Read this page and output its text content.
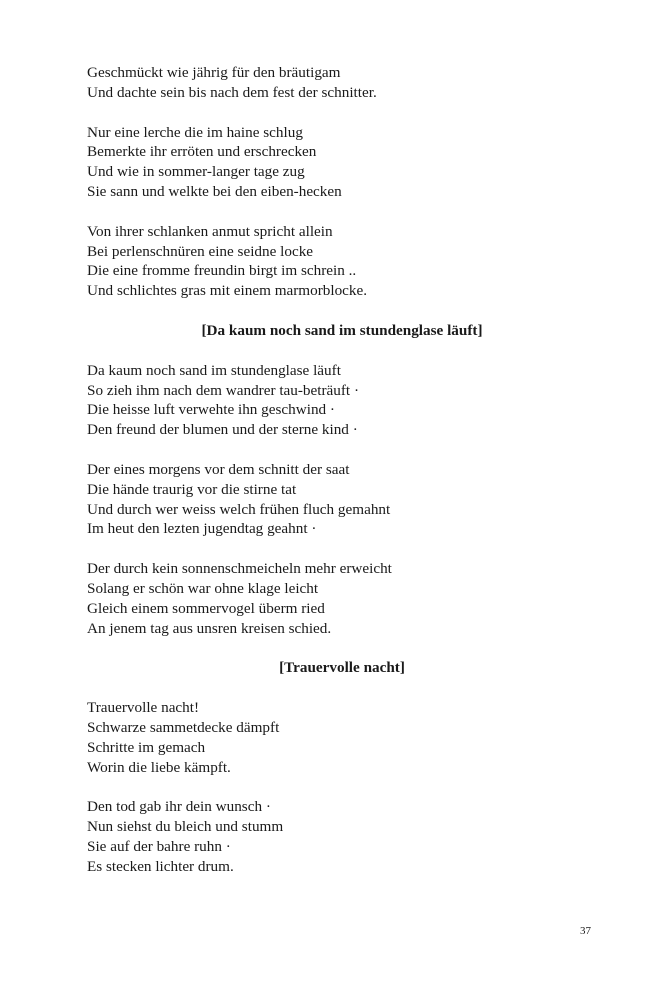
Geschmückt wie jährig für den bräutigam
Und dachte sein bis nach dem fest der schnitter.
Nur eine lerche die im haine schlug
Bemerkte ihr erröten und erschrecken
Und wie in sommer-langer tage zug
Sie sann und welkte bei den eiben-hecken
Von ihrer schlanken anmut spricht allein
Bei perlenschnüren eine seidne locke
Die eine fromme freundin birgt im schrein ..
Und schlichtes gras mit einem marmorblocke.
[Da kaum noch sand im stundenglase läuft]
Da kaum noch sand im stundenglase läuft
So zieh ihm nach dem wandrer tau-beträuft ·
Die heisse luft verwehte ihn geschwind ·
Den freund der blumen und der sterne kind ·
Der eines morgens vor dem schnitt der saat
Die hände traurig vor die stirne tat
Und durch wer weiss welch frühen fluch gemahnt
Im heut den lezten jugendtag geahnt ·
Der durch kein sonnenschmeicheln mehr erweicht
Solang er schön war ohne klage leicht
Gleich einem sommervogel überm ried
An jenem tag aus unsren kreisen schied.
[Trauervolle nacht]
Trauervolle nacht!
Schwarze sammetdecke dämpft
Schritte im gemach
Worin die liebe kämpft.
Den tod gab ihr dein wunsch ·
Nun siehst du bleich und stumm
Sie auf der bahre ruhn ·
Es stecken lichter drum.
37
